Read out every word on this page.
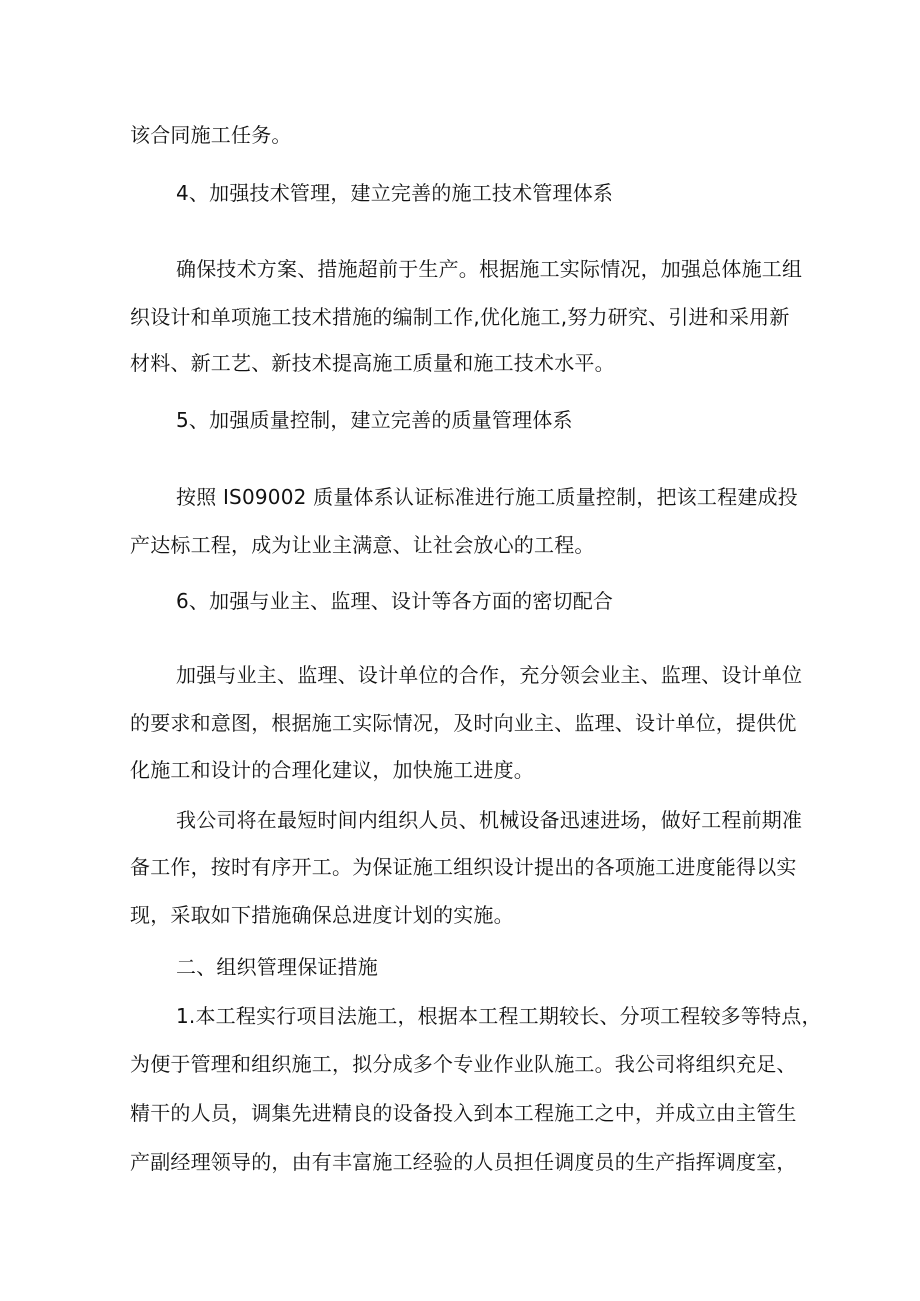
该合同施工任务。
4、加强技术管理，建立完善的施工技术管理体系
确保技术方案、措施超前于生产。根据施工实际情况，加强总体施工组
织设计和单项施工技术措施的编制工作,优化施工,努力研究、引进和采用新
材料、新工艺、新技术提高施工质量和施工技术水平。
5、加强质量控制，建立完善的质量管理体系
按照 IS09002 质量体系认证标准进行施工质量控制，把该工程建成投
产达标工程，成为让业主满意、让社会放心的工程。
6、加强与业主、监理、设计等各方面的密切配合
加强与业主、监理、设计单位的合作，充分领会业主、监理、设计单位
的要求和意图，根据施工实际情况，及时向业主、监理、设计单位，提供优
化施工和设计的合理化建议，加快施工进度。
我公司将在最短时间内组织人员、机械设备迅速进场，做好工程前期准
备工作，按时有序开工。为保证施工组织设计提出的各项施工进度能得以实
现，采取如下措施确保总进度计划的实施。
二、组织管理保证措施
1.本工程实行项目法施工，根据本工程工期较长、分项工程较多等特点，
为便于管理和组织施工，拟分成多个专业作业队施工。我公司将组织充足、
精干的人员，调集先进精良的设备投入到本工程施工之中，并成立由主管生
产副经理领导的，由有丰富施工经验的人员担任调度员的生产指挥调度室，
